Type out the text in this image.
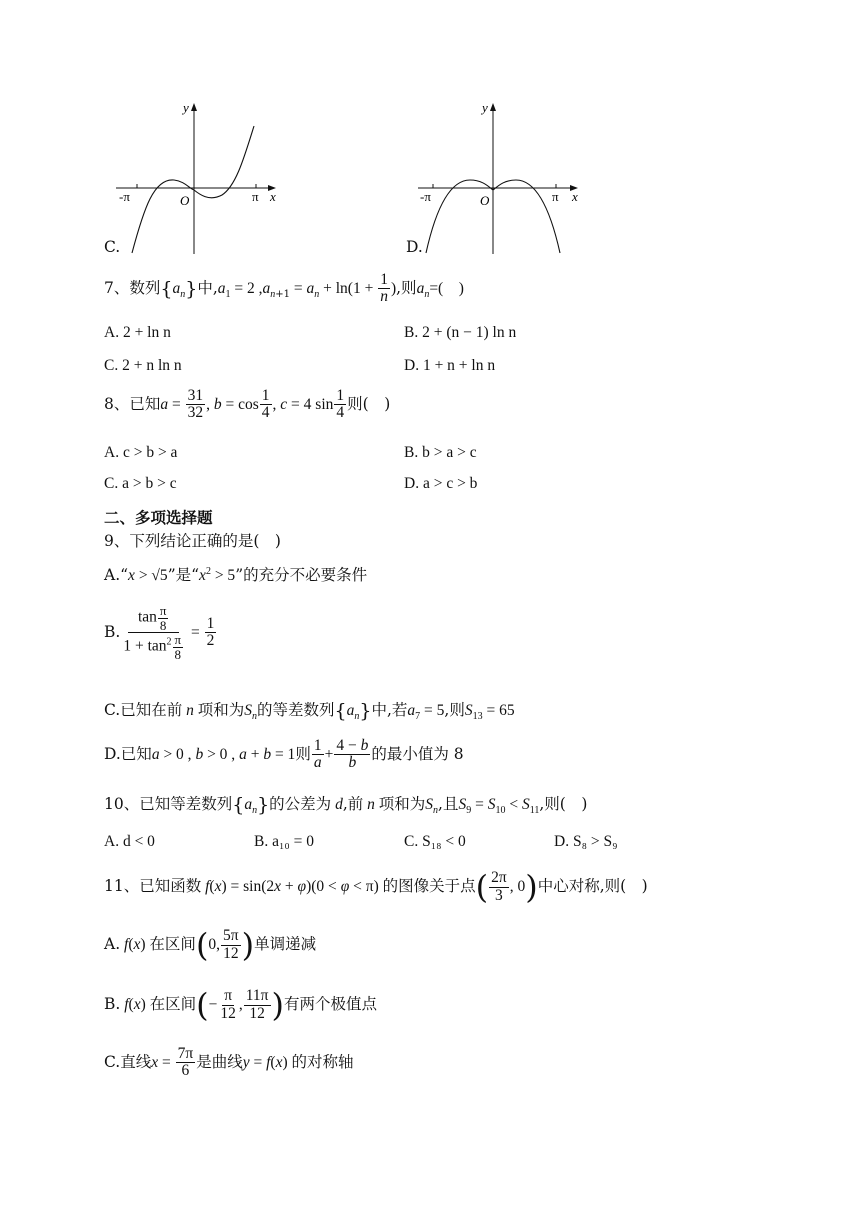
y
x
O
-π	π
C.
y
x
O
-π	π
D.
7、数列$\{a_n\}$中$,a_1 = 2$ $,a_{n+1} = a_n + \ln(1 + \frac{1}{n}$ ),则$a_n=$(　)
A. 2 + ln n	B. 2 + (n − 1) ln n
C. 2 + n ln n	D. 1 + n + ln n
8、已知$a = \frac{31}{32}$ , $b = \cos \frac{1}{4}$ , c = 4 $\sin \frac{1}{4}$ 则(　)
A. c > b > a	B. b > a > c
C. a > b > c	D. a > c > b
二、多项选择题
9、下列结论正确的是(　)
A.“x > √5”是“$x^2 > 5$”的充分不必要条件
B. $\frac{\tan \frac{\pi}{8}}{1 + \tan^2 \frac{\pi}{8}} = \frac{1}{2}$
C.已知在前 n 项和为$S_n$的等差数列$\{a_n\}$中,若$a_7 = 5$,则$S_{13} = 65$
D.已知a > 0 , b > 0 , a + b = 1则 $\frac{1}{a} + \frac{4 - b}{b}$ 的最小值为 8
10、已知等差数列$\{a_n\}$的公差为 d,前 n 项和为$S_n$,且$S_9 = S_{10} < S_{11}$,则(　)
A. d < 0	B. a₁₀ = 0	C. S₁₈ < 0	D. S₈ > S₉
11、已知函数 f(x) = sin(2x + φ)(0 < φ < π) 的图像关于点( $\frac{2\pi}{3}$ , 0)中心对称,则(　)
A. f(x) 在区间(0, $\frac{5\pi}{12}$ )单调递减
B. f(x) 在区间(− $\frac{\pi}{12}$ , $\frac{11\pi}{12}$ )有两个极值点
C.直线$x = \frac{7\pi}{6}$ 是曲线y = f(x) 的对称轴
